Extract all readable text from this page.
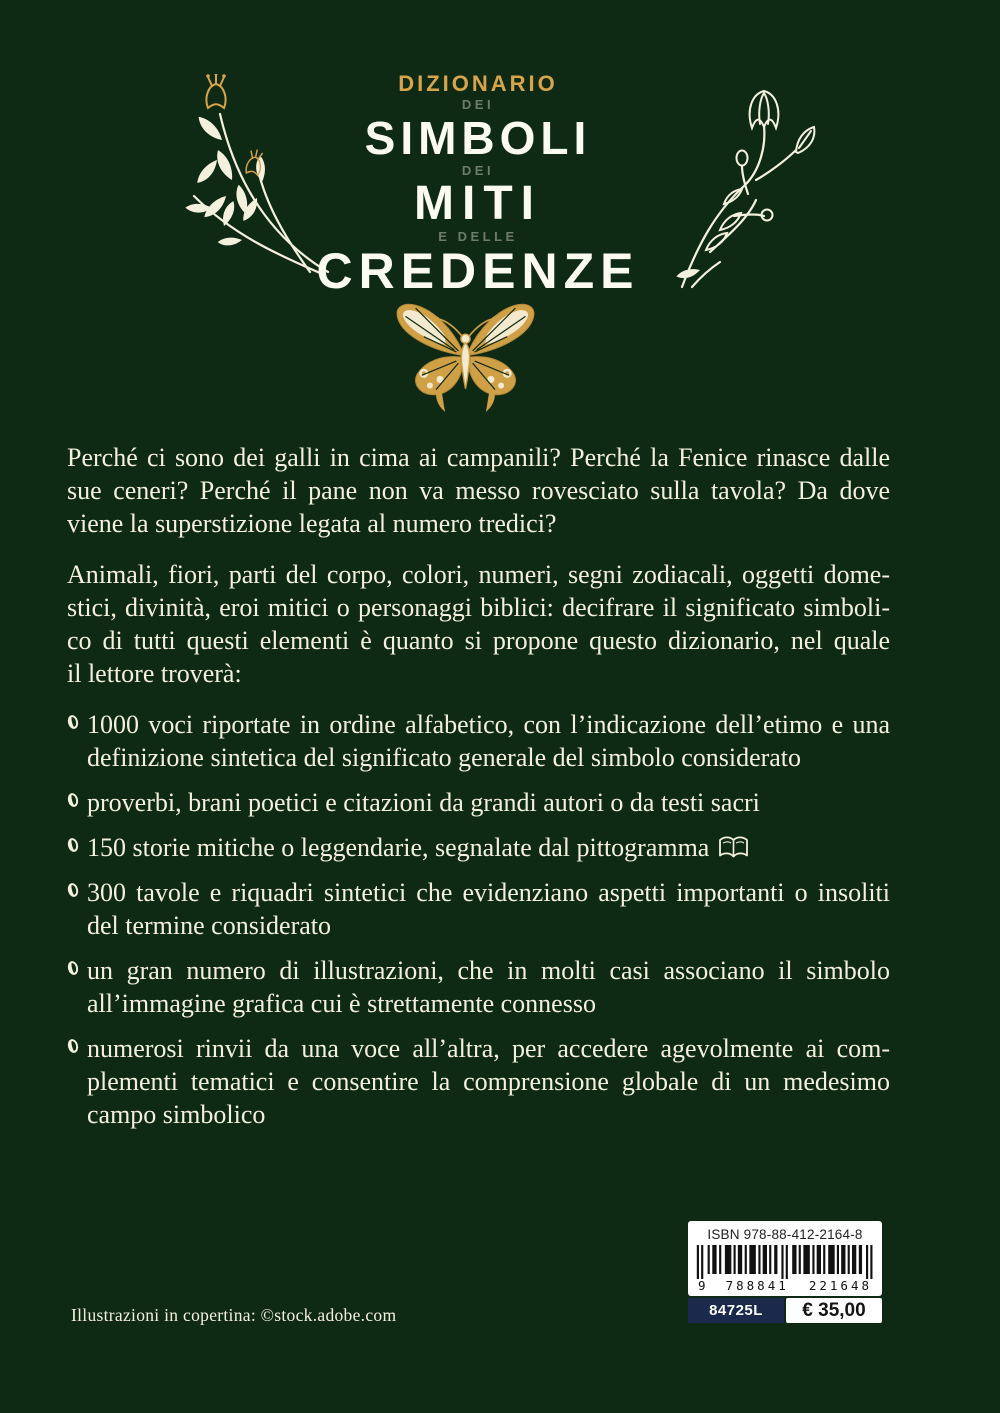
DIZIONARIO
DEI
SIMBOLI
DEI
MITI
E DELLE
CREDENZE
Perché ci sono dei galli in cima ai campanili? Perché la Fenice rinasce dalle
sue ceneri? Perché il pane non va messo rovesciato sulla tavola? Da dove
viene la superstizione legata al numero tredici?
Animali, fiori, parti del corpo, colori, numeri, segni zodiacali, oggetti dome-
stici, divinità, eroi mitici o personaggi biblici: decifrare il significato simboli-
co di tutti questi elementi è quanto si propone questo dizionario, nel quale
il lettore troverà:
1000 voci riportate in ordine alfabetico, con l’indicazione dell’etimo e una
definizione sintetica del significato generale del simbolo considerato
proverbi, brani poetici e citazioni da grandi autori o da testi sacri
150 storie mitiche o leggendarie, segnalate dal pittogramma
300 tavole e riquadri sintetici che evidenziano aspetti importanti o insoliti
del termine considerato
un gran numero di illustrazioni, che in molti casi associano il simbolo
all’immagine grafica cui è strettamente connesso
numerosi rinvii da una voce all’altra, per accedere agevolmente ai com-
plementi tematici e consentire la comprensione globale di un medesimo
campo simbolico
ISBN 978-88-412-2164-8
9 788841 221648
84725L	€ 35,00
Illustrazioni in copertina: ©stock.adobe.com
